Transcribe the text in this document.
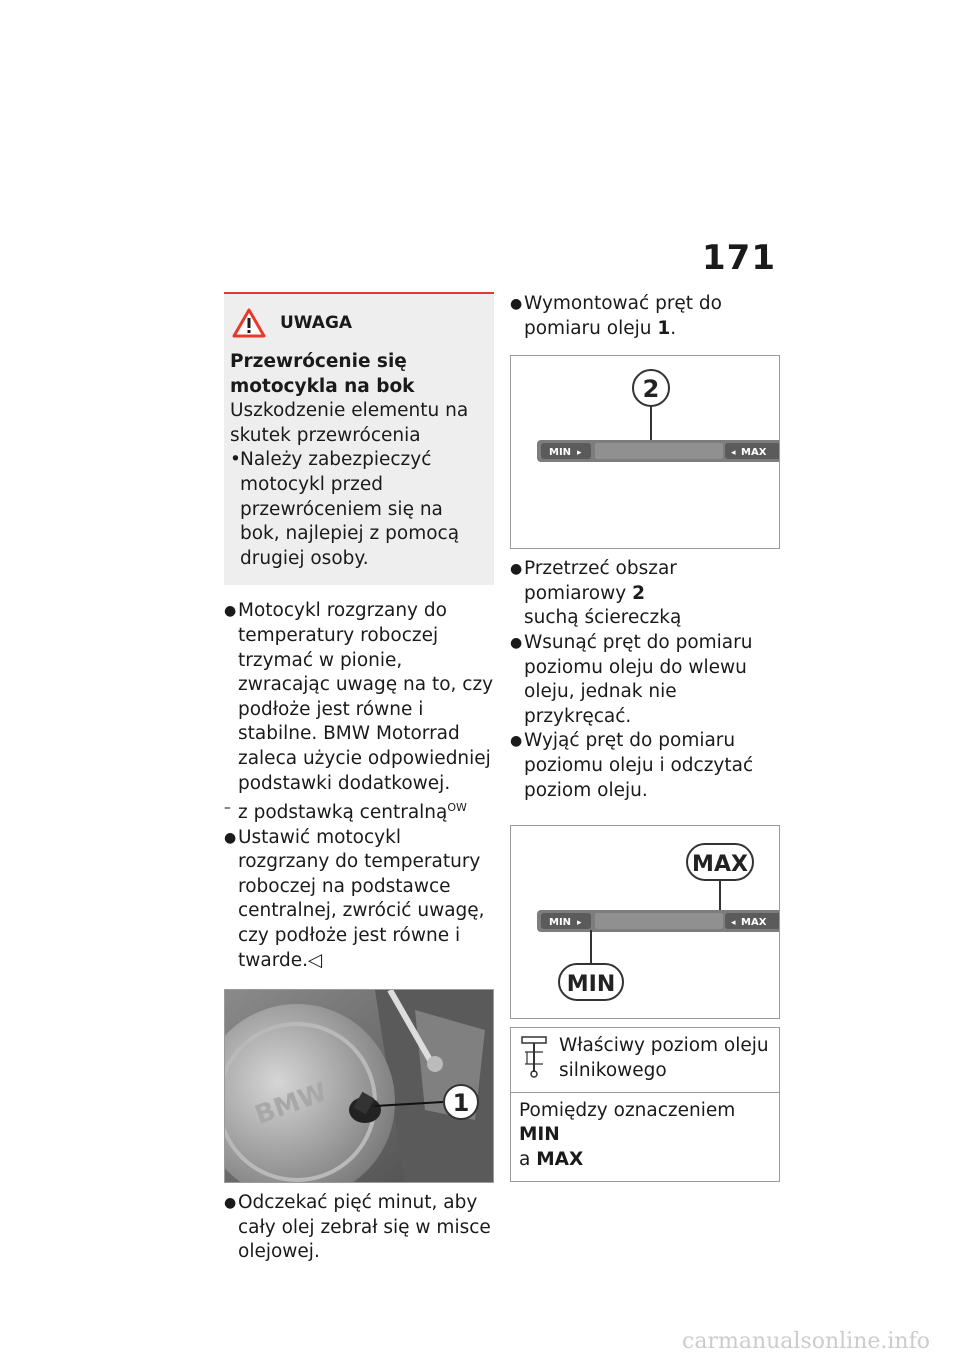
171
UWAGA
Przewrócenie się motocykla na bok
Uszkodzenie elementu na skutek przewrócenia
• Należy zabezpieczyć motocykl przed przewróceniem się na bok, najlepiej z pomocą drugiej osoby.
● Motocykl rozgrzany do temperatury roboczej trzymać w pionie, zwracając uwagę na to, czy podłoże jest równe i stabilne. BMW Motorrad zaleca użycie odpowiedniej podstawki dodatkowej.
– z podstawką centralną$^{OW}$
● Ustawić motocykl rozgrzany do temperatury roboczej na podstawce centralnej, zwrócić uwagę, czy podłoże jest równe i twarde.◁
BMW	1
● Odczekać pięć minut, aby cały olej zebrał się w misce olejowej.
● Wymontować pręt do pomiaru oleju 1.
2
MIN ▸	◂ MAX
● Przetrzeć obszar pomiarowy 2
suchą ściereczką
● Wsunąć pręt do pomiaru poziomu oleju do wlewu oleju, jednak nie przykręcać.
● Wyjąć pręt do pomiaru poziomu oleju i odczytać poziom oleju.
MAX
MIN ▸	◂ MAX
MIN
Właściwy poziom oleju silnikowego
Pomiędzy oznaczeniem MIN
a MAX
carmanualsonline.info
